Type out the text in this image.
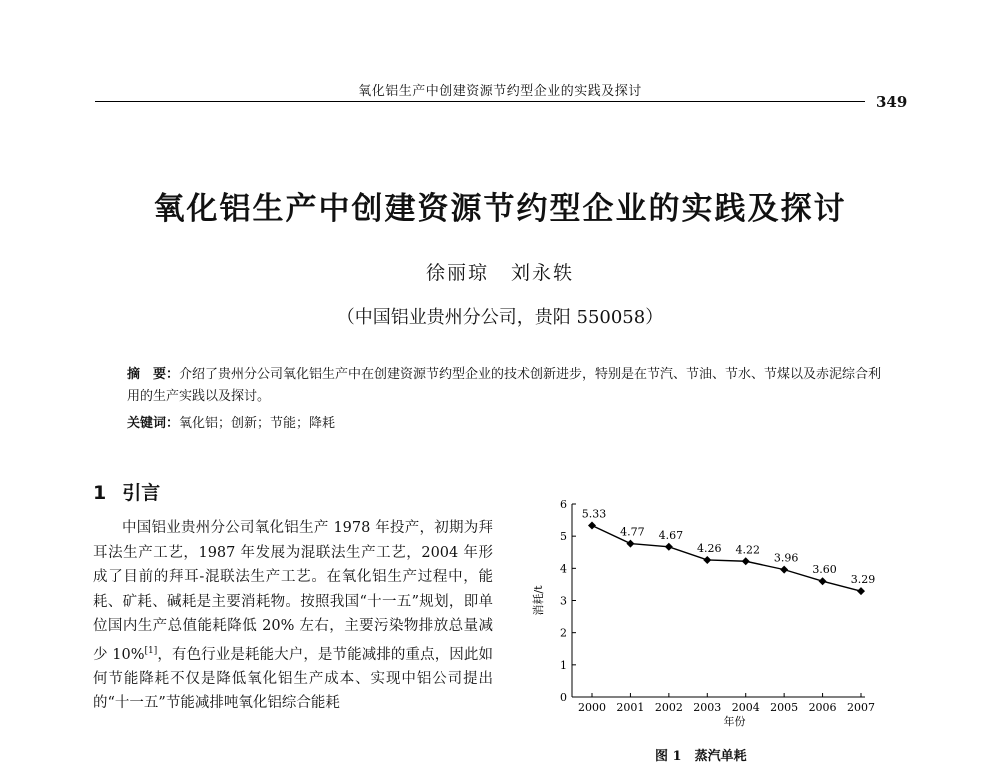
氧化铝生产中创建资源节约型企业的实践及探讨
349
氧化铝生产中创建资源节约型企业的实践及探讨
徐丽琼 刘永轶
（中国铝业贵州分公司，贵阳 550058）
摘　要：介绍了贵州分公司氧化铝生产中在创建资源节约型企业的技术创新进步，特别是在节汽、节油、节水、节煤以及赤泥综合利用的生产实践以及探讨。
关键词：氧化铝；创新；节能；降耗
1 引言
中国铝业贵州分公司氧化铝生产 1978 年投产，初期为拜耳法生产工艺，1987 年发展为混联法生产工艺，2004 年形成了目前的拜耳-混联法生产工艺。在氧化铝生产过程中，能耗、矿耗、碱耗是主要消耗物。按照我国“十一五”规划，即单位国内生产总值能耗降低 20% 左右，主要污染物排放总量减少 10%[1]，有色行业是耗能大户，是节能减排的重点，因此如何节能降耗不仅是降低氧化铝生产成本、实现中铝公司提出的“十一五”节能减排吨氧化铝综合能耗	0
1
2
3
4
5
6
2000 2001 2002 2003 2004 2005 2006 2007
5.33
4.77 4.67
4.26 4.22
3.96
3.60
3.29
年份
消耗/t
图 1　蒸汽单耗
